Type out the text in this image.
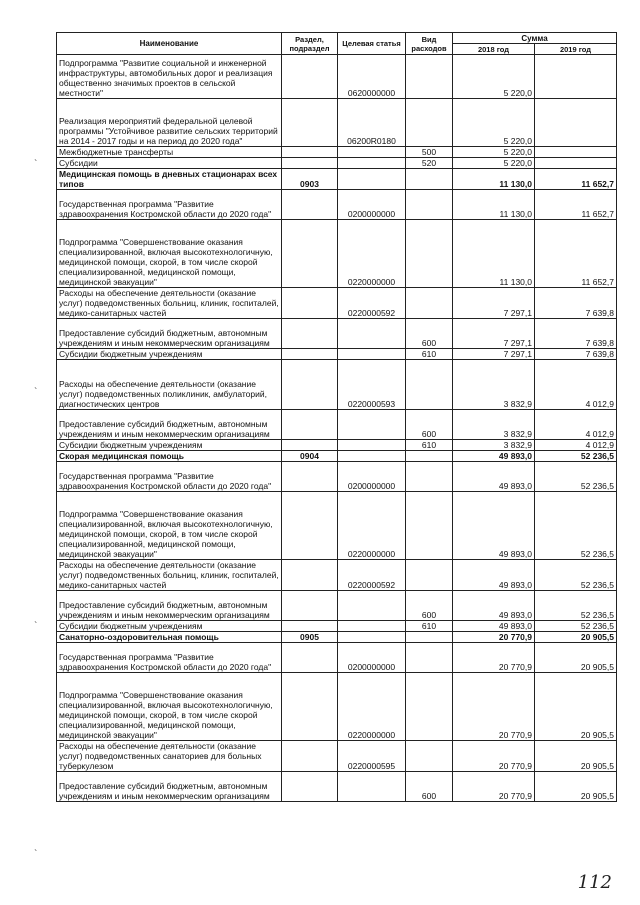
Наименование	Раздел, подраздел	Целевая статья	Вид расходов	Сумма	
				2018 год	2019 год
Подпрограмма "Развитие социальной и инженерной инфраструктуры, автомобильных дорог и реализация общественно значимых проектов в сельской местности"		0620000000		5 220,0	
Реализация мероприятий федеральной целевой программы "Устойчивое развитие сельских территорий на 2014 - 2017 годы и на период до 2020 года"		06200R0180		5 220,0	
Межбюджетные трансферты			500	5 220,0	
Субсидии			520	5 220,0	
Медицинская помощь в дневных стационарах всех типов	0903			11 130,0	11 652,7
Государственная программа "Развитие здравоохранения Костромской области до 2020 года"		0200000000		11 130,0	11 652,7
Подпрограмма "Совершенствование оказания специализированной, включая высокотехнологичную, медицинской помощи, скорой, в том числе скорой специализированной, медицинской помощи, медицинской эвакуации"		0220000000		11 130,0	11 652,7
Расходы на обеспечение деятельности (оказание услуг) подведомственных больниц, клиник, госпиталей, медико-санитарных частей		0220000592		7 297,1	7 639,8
Предоставление субсидий бюджетным, автономным учреждениям и иным некоммерческим организациям			600	7 297,1	7 639,8
Субсидии бюджетным учреждениям			610	7 297,1	7 639,8
Расходы на обеспечение деятельности (оказание услуг) подведомственных поликлиник, амбулаторий, диагностических центров		0220000593		3 832,9	4 012,9
Предоставление субсидий бюджетным, автономным учреждениям и иным некоммерческим организациям			600	3 832,9	4 012,9
Субсидии бюджетным учреждениям			610	3 832,9	4 012,9
Скорая медицинская помощь	0904			49 893,0	52 236,5
Государственная программа "Развитие здравоохранения Костромской области до 2020 года"		0200000000		49 893,0	52 236,5
Подпрограмма "Совершенствование оказания специализированной, включая высокотехнологичную, медицинской помощи, скорой, в том числе скорой специализированной, медицинской помощи, медицинской эвакуации"		0220000000		49 893,0	52 236,5
Расходы на обеспечение деятельности (оказание услуг) подведомственных больниц, клиник, госпиталей, медико-санитарных частей		0220000592		49 893,0	52 236,5
Предоставление субсидий бюджетным, автономным учреждениям и иным некоммерческим организациям			600	49 893,0	52 236,5
Субсидии бюджетным учреждениям			610	49 893,0	52 236,5
Санаторно-оздоровительная помощь	0905			20 770,9	20 905,5
Государственная программа "Развитие здравоохранения Костромской области до 2020 года"		0200000000		20 770,9	20 905,5
Подпрограмма "Совершенствование оказания специализированной, включая высокотехнологичную, медицинской помощи, скорой, в том числе скорой специализированной, медицинской помощи, медицинской эвакуации"		0220000000		20 770,9	20 905,5
Расходы на обеспечение деятельности (оказание услуг) подведомственных санаториев для больных туберкулезом		0220000595		20 770,9	20 905,5
Предоставление субсидий бюджетным, автономным учреждениям и иным некоммерческим организациям			600	20 770,9	20 905,5
`
`
`
`
112
